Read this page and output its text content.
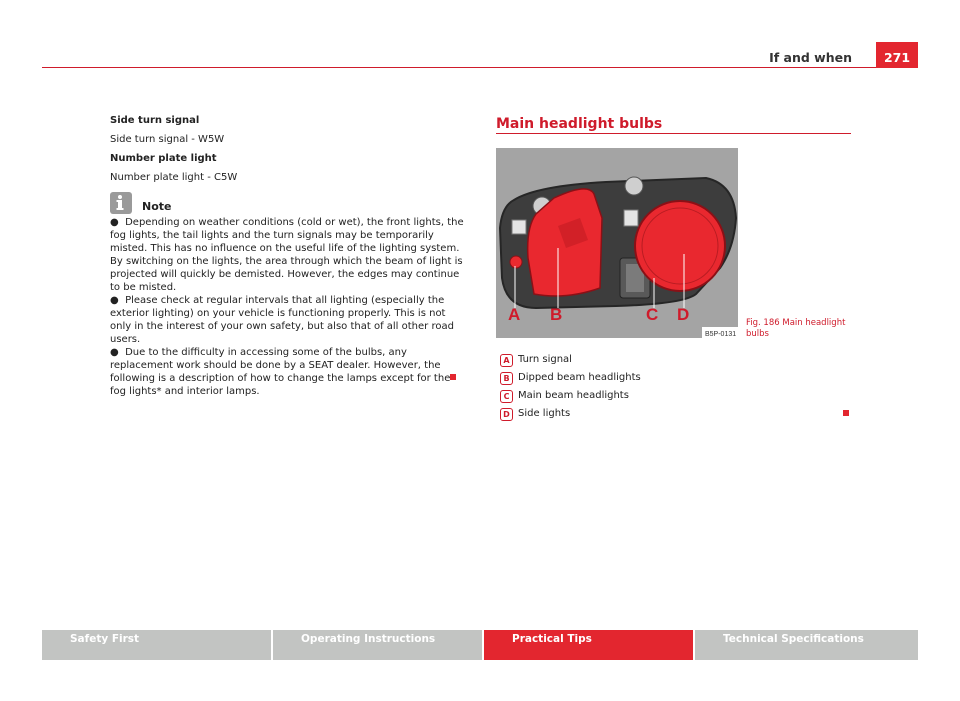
If and when	271

Side turn signal

Side turn signal - W5W

Number plate light

Number plate light - C5W

Note

● Depending on weather conditions (cold or wet), the front lights, the fog lights, the tail lights and the turn signals may be temporarily misted. This has no influence on the useful life of the lighting system. By switching on the lights, the area through which the beam of light is projected will quickly be demisted. However, the edges may continue to be misted.

● Please check at regular intervals that all lighting (especially the exterior lighting) on your vehicle is functioning properly. This is not only in the interest of your own safety, but also that of all other road users.

● Due to the difficulty in accessing some of the bulbs, any replacement work should be done by a SEAT dealer. However, the following is a description of how to change the lamps except for the fog lights* and interior lamps.

Main headlight bulbs
A B	C D
B5P-0131
Fig. 186 Main headlight bulbs
A Turn signal
B Dipped beam headlights
C Main beam headlights
D Side lights
Safety First	Operating Instructions	Practical Tips	Technical Specifications
